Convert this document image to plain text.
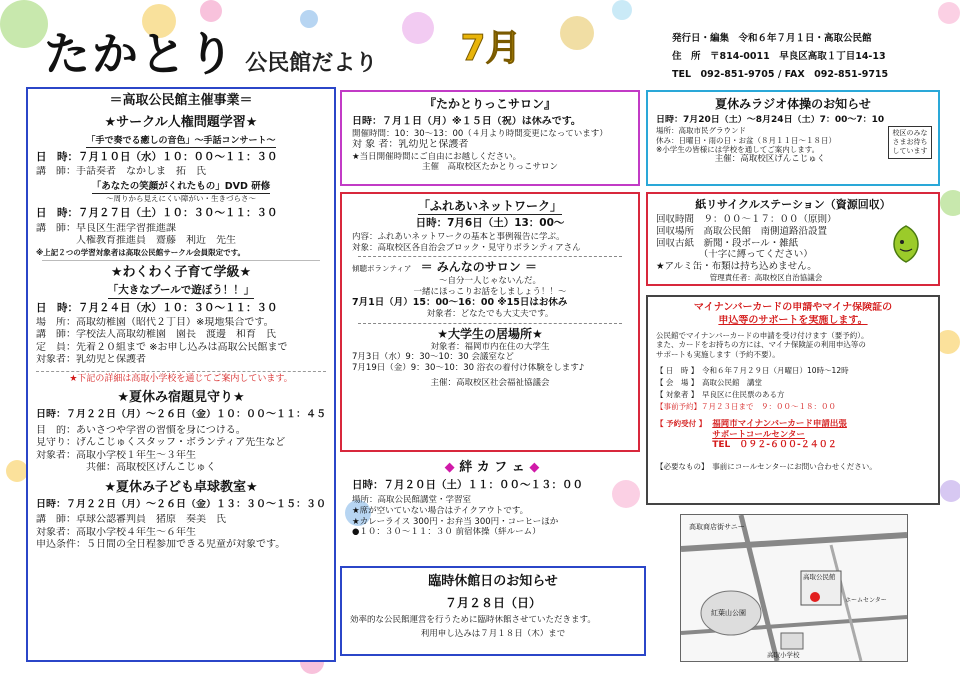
たかとり 公民館だより 7月	発行日・編集　令和６年７月１日・高取公民館
住　所　〒814-0011　早良区高取１丁目14-13
TEL　092-851-9705 / FAX　092-851-9715
＝高取公民館主催事業＝
★サークル人権問題学習★
「手で奏でる癒しの音色」～手話コンサート～
日　時：７月１０日（水）１０：００～１１：３０
講　師：手話奏者　なかしま　拓　氏
「あなたの笑顔がくれたもの」DVD 研修
～周りから見えにくい障がい・生きづらさ～
日　時：７月２７日（土）１０：３０～１１：３０
講　師：早良区生涯学習推進課
　　　　人権教育推進員　齋藤　利近　先生
※上記２つの学習対象者は高取公民館サークル会員限定です。
★わくわく子育て学級★
「大きなプールで遊ぼう！！」
日　時：７月２４日（水）１０：３０～１１：３０
場　所：高取幼稚園（昭代２丁目）※現地集合です。
講　師：学校法人高取幼稚園　園長　渡邊　和育　氏
定　員：先着２０組まで ※お申し込みは高取公民館まで
対象者：乳幼児と保護者
★下記の詳細は高取小学校を通じてご案内しています。
★夏休み宿題見守り★
日時：７月２２日（月）～２６日（金）１０：００～１１：４５
目　的：あいさつや学習の習慣を身につける。
見守り：げんこじゅくスタッフ・ボランティア先生など
対象者：高取小学校１年生～３年生
　　　　　共催：高取校区げんこじゅく
★夏休み子ども卓球教室★
日時：７月２２日（月）～２６日（金）１３：３０～１５：３０
講　師：卓球公認審判員　猪原　奏美　氏
対象者：高取小学校４年生～６年生
申込条件：５日間の全日程参加できる児童が対象です。
『たかとりっこサロン』
日時：７月１日（月）※１５日（祝）は休みです。
開催時間：10：30～13：00（４月より時間変更になっています）
対 象 者：乳幼児と保護者
★当日開催時間にご自由にお越しください。
主催　高取校区たかとりっこサロン
「ふれあいネットワーク」
日時：7月6日（土）13：00～
内容：ふれあいネットワークの基本と事例報告に学ぶ。
対象：高取校区各自治会ブロック・見守りボランティアさん
傾聴ボランティア ＝ みんなのサロン ＝
～自分一人じゃないんだ。
一緒にほっこりお話をしましょう！！～
7月1日（月）15：00～16：00 ※15日はお休み
対象者：どなたでも大丈夫です。
★大学生の居場所★
対象者：福岡市内在住の大学生
7月3日（水）9：30～10：30 会議室など
7月19日（金）9：30～10：30 浴衣の着付け体験をします♪
主催：高取校区社会福祉協議会
◆ 絆 カ フ ェ ◆
日時：７月２０日（土）１１：００～１３：００
場所：高取公民館講堂・学習室
★席が空いていない場合はテイクアウトです。
★カレーライス 300円・お弁当 300円・コーヒーほか
●１０：３０～１１：３０ 前宿体操（絆ルーム）
臨時休館日のお知らせ
７月２８日（日）
効率的な公民館運営を行うために臨時休館させていただきます。
利用申し込みは７月１８日（木）まで
夏休みラジオ体操のお知らせ
日時：7月20日（土）～8月24日（土）7：00～7：10
場所：高取市民グラウンド
休み：日曜日・雨の日・お盆（８月１１日～１８日）
※小学生の皆様には学校を通してご案内します。
主催：高取校区げんこじゅく
校区のみなさまお待ちしています
紙リサイクルステーション（資源回収）
回収時間　９：００～１７：００（原則）
回収場所　高取公民館　南側道路沿設置
回収古紙　新聞・段ボール・雑紙
　　　　　（十字に縛ってください）
★アルミ缶・布類は持ち込めません。
管理責任者：高取校区自治協議会
マイナンバーカードの申請やマイナ保険証の
申込等のサポートを実施します。
公民館でマイナンバーカードの申請を受け付けます（要予約）。
また、カードをお持ちの方には、マイナ保険証の利用申込等の
サポートも実施します（予約不要）。
【 日　時 】　令和６年７月２９日（月曜日）10時～12時
【 会　場 】　高取公民館　講堂
【 対象者 】　早良区に住民票のある方
【事前予約】７月２３日まで　９：００～１８：００
【 予約受付 】 福岡市マイナンバーカード申請出張
サポートコールセンター
TEL　０９２-６００-２４０２
【必要なもの】　事前にコールセンターにお問い合わせください。
高取商店街サニー
紅葉山公園
高取公民館
高取小学校
ホームセンター
